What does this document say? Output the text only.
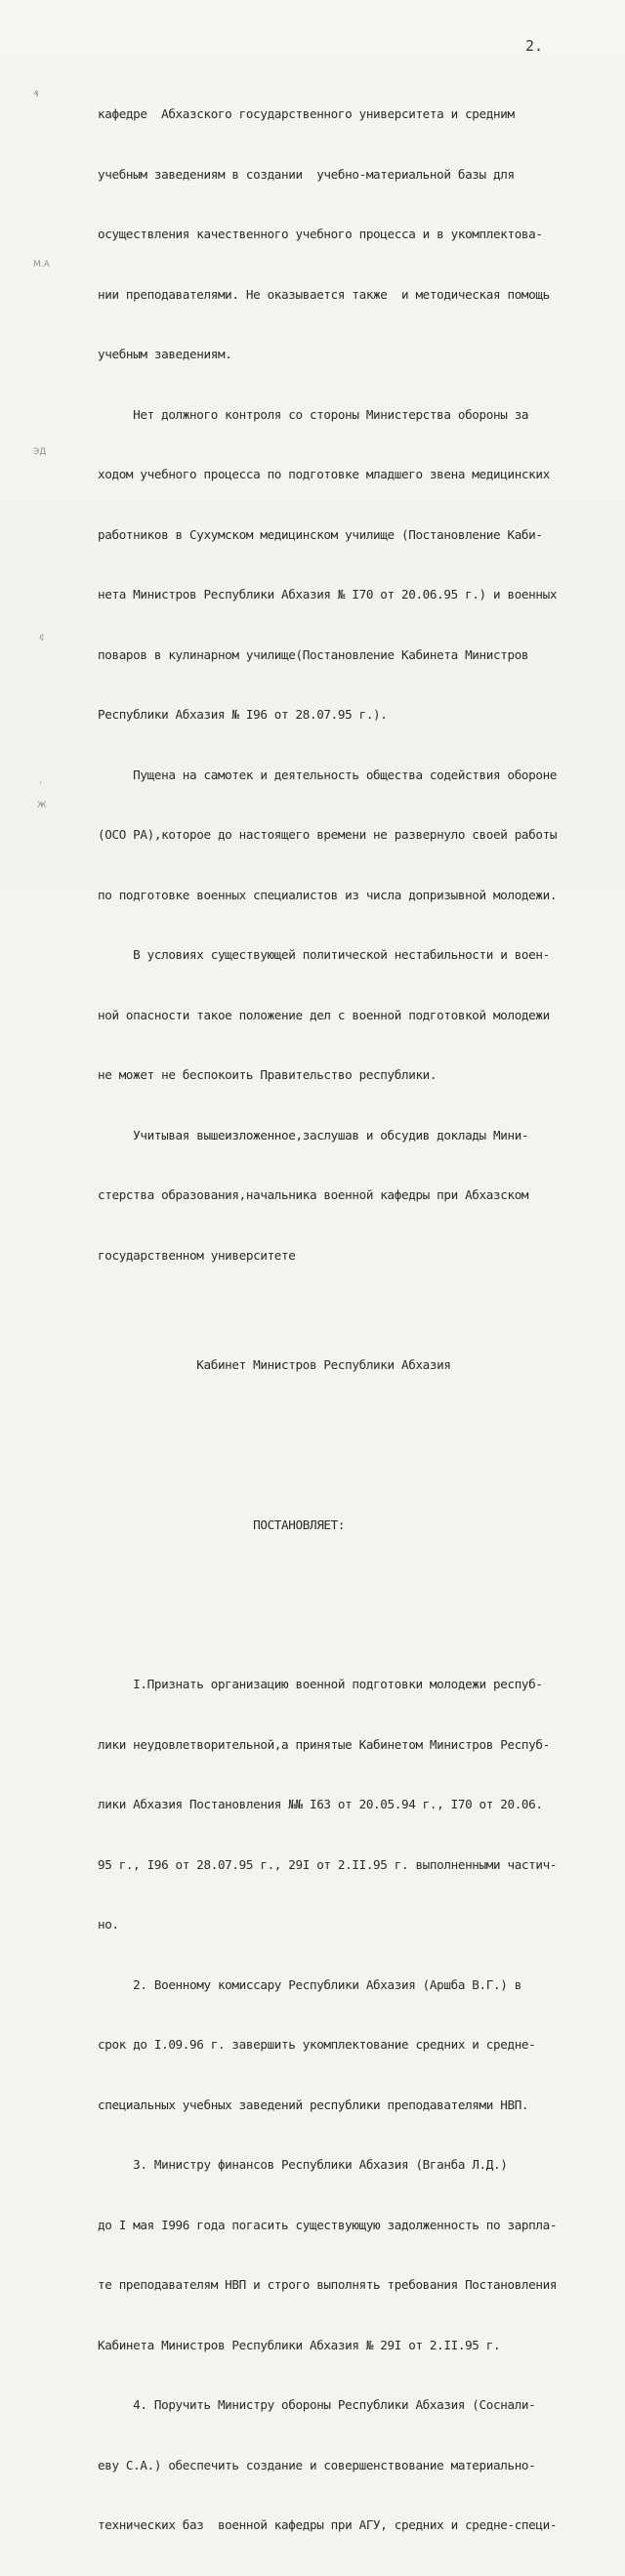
2.
₰
М.А
ЭД
¢
ʼ
Ж

кафедре  Абхазского государственного университета и средним

учебным заведениям в создании  учебно-материальной базы для

осуществления качественного учебного процесса и в укомплектова-

нии преподавателями. Не оказывается также  и методическая помощь

учебным заведениям.

Нет должного контроля со стороны Министерства обороны за

ходом учебного процесса по подготовке младшего звена медицинских

работников в Сухумском медицинском училище (Постановление Каби-

нета Министров Республики Абхазия № I70 от 20.06.95 г.) и военных

поваров в кулинарном училище(Постановление Кабинета Министров

Республики Абхазия № I96 от 28.07.95 г.).

Пущена на самотек и деятельность общества содействия обороне

(ОСО РА),которое до настоящего времени не развернуло своей работы

по подготовке военных специалистов из числа допризывной молодежи.

В условиях существующей политической нестабильности и воен-

ной опасности такое положение дел с военной подготовкой молодежи

не может не беспокоить Правительство республики.

Учитывая вышеизложенное,заслушав и обсудив доклады Мини-

стерства образования,начальника военной кафедры при Абхазском

государственном университете

Кабинет Министров Республики Абхазия

ПОСТАНОВЛЯЕТ:

I.Признать организацию военной подготовки молодежи респуб-

лики неудовлетворительной,а принятые Кабинетом Министров Респуб-

лики Абхазия Постановления №№ I63 от 20.05.94 г., I70 от 20.06.

95 г., I96 от 28.07.95 г., 29I от 2.II.95 г. выполненными частич-

но.

2. Военному комиссару Республики Абхазия (Аршба В.Г.) в

срок до I.09.96 г. завершить укомплектование средних и средне-

специальных учебных заведений республики преподавателями НВП.

3. Министру финансов Республики Абхазия (Вганба Л.Д.)

до I мая I996 года погасить существующую задолженность по зарпла-

те преподавателям НВП и строго выполнять требования Постановления

Кабинета Министров Республики Абхазия № 29I от 2.II.95 г.

4. Поручить Министру обороны Республики Абхазия (Соснали-

еву С.А.) обеспечить создание и совершенствование материально-

технических баз  военной кафедры при АГУ, средних и средне-специ-
